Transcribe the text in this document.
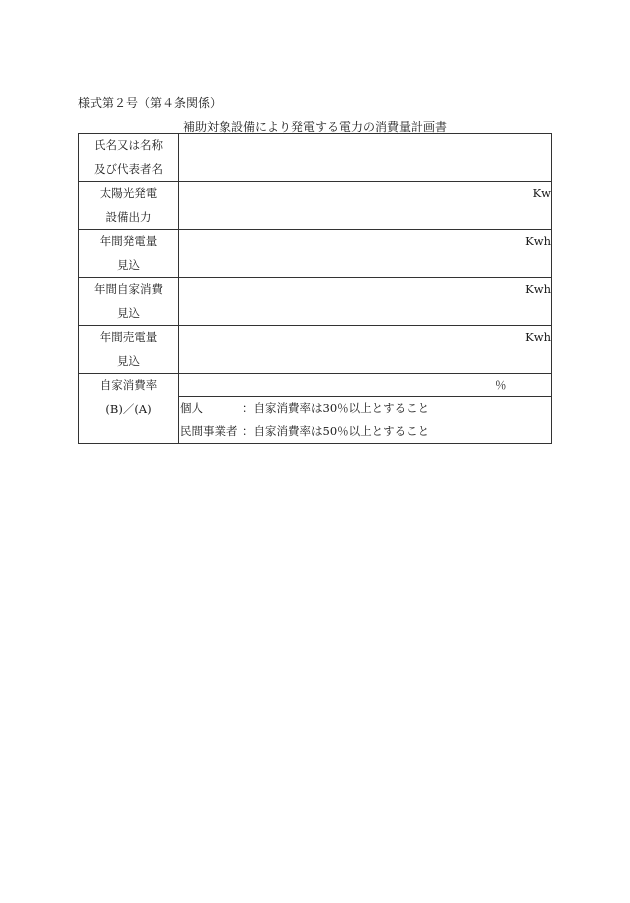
様式第２号（第４条関係）
補助対象設備により発電する電力の消費量計画書
氏名又は名称
及び代表者名	

太陽光発電
設備出力	Kw

年間発電量
見込	Kwh

年間自家消費
見込	Kwh

年間売電量
見込	Kwh

自家消費率
(B)／(A)	％
個人 ：自家消費率は30％以上とすること
民間事業者 ：自家消費率は50％以上とすること
